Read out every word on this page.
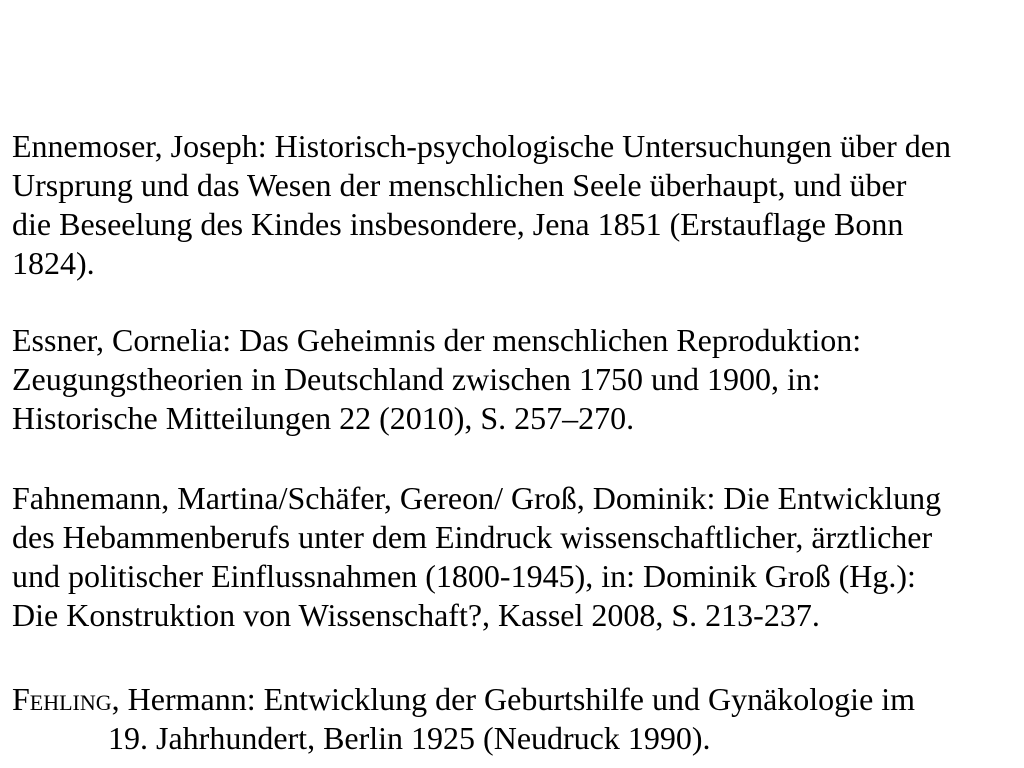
Ennemoser, Joseph: Historisch-psychologische Untersuchungen über den
Ursprung und das Wesen der menschlichen Seele überhaupt, und über
die Beseelung des Kindes insbesondere, Jena 1851 (Erstauflage Bonn
1824).

Essner, Cornelia: Das Geheimnis der menschlichen Reproduktion:
Zeugungstheorien in Deutschland zwischen 1750 und 1900, in:
Historische Mitteilungen 22 (2010), S. 257–270.

Fahnemann, Martina/Schäfer, Gereon/ Groß, Dominik: Die Entwicklung
des Hebammenberufs unter dem Eindruck wissenschaftlicher, ärztlicher
und politischer Einflussnahmen (1800-1945), in: Dominik Groß (Hg.):
Die Konstruktion von Wissenschaft?, Kassel 2008, S. 213-237.

Fehling, Hermann: Entwicklung der Geburtshilfe und Gynäkologie im
19. Jahrhundert, Berlin 1925 (Neudruck 1990).
